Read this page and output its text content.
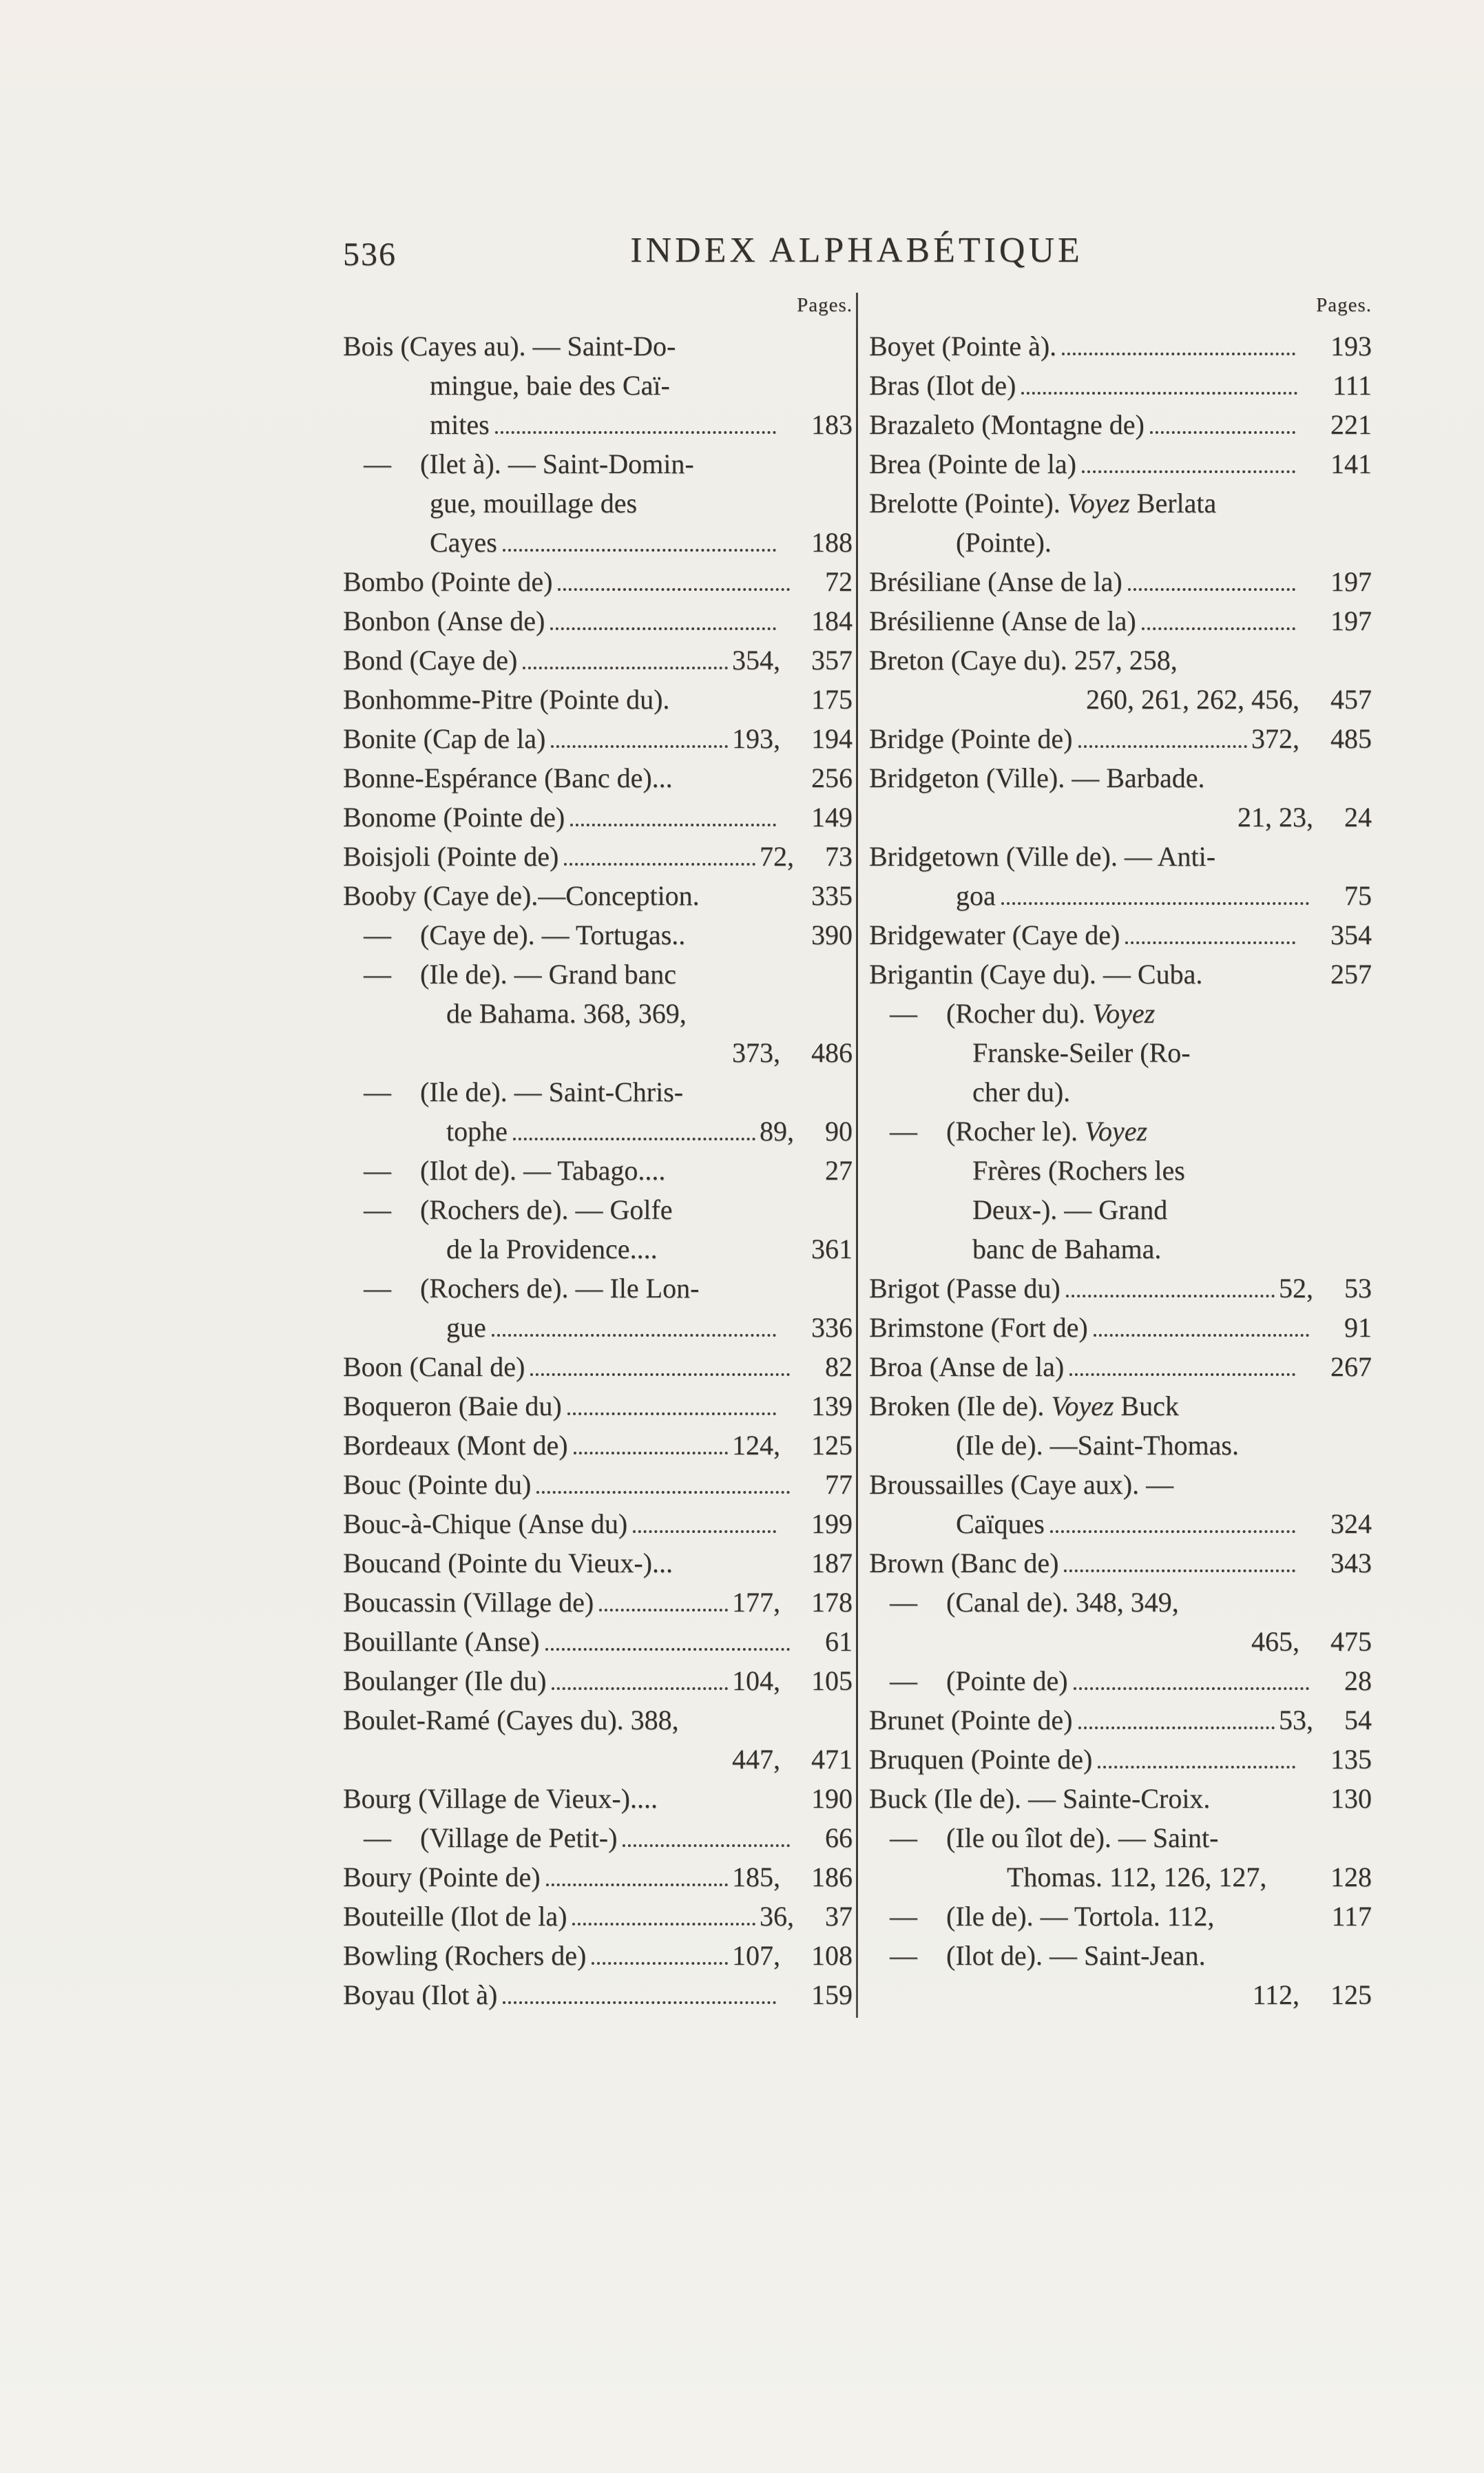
536	INDEX ALPHABÉTIQUE
Pages.
Bois (Cayes au). — Saint-Do-
mingue, baie des Caï-
mites	183
—	(Ilet à). — Saint-Domin-
gue, mouillage des
Cayes	188
Bombo (Pointe de)	72
Bonbon (Anse de)	184
Bond (Caye de)	354,	357
Bonhomme-Pitre (Pointe du).	175
Bonite (Cap de la)	193,	194
Bonne-Espérance (Banc de)...	256
Bonome (Pointe de)	149
Boisjoli (Pointe de)	72,	73
Booby (Caye de).—Conception.	335
—	(Caye de). — Tortugas..	390
—	(Ile de). — Grand banc
de Bahama. 368, 369,
373,	486
—	(Ile de). — Saint-Chris-
tophe	89,	90
—	(Ilot de). — Tabago....	27
—	(Rochers de). — Golfe
de la Providence....	361
—	(Rochers de). — Ile Lon-
gue	336
Boon (Canal de)	82
Boqueron (Baie du)	139
Bordeaux (Mont de)	124,	125
Bouc (Pointe du)	77
Bouc-à-Chique (Anse du)	199
Boucand (Pointe du Vieux-)...	187
Boucassin (Village de)	177,	178
Bouillante (Anse)	61
Boulanger (Ile du)	104,	105
Boulet-Ramé (Cayes du). 388,
447,	471
Bourg (Village de Vieux-)....	190
—	(Village de Petit-)	66
Boury (Pointe de)	185,	186
Bouteille (Ilot de la)	36,	37
Bowling (Rochers de)	107,	108
Boyau (Ilot à)	159
Pages.
Boyet (Pointe à).	193
Bras (Ilot de)	111
Brazaleto (Montagne de)	221
Brea (Pointe de la)	141
Brelotte (Pointe). Voyez Berlata
(Pointe).
Brésiliane (Anse de la)	197
Brésilienne (Anse de la)	197
Breton (Caye du). 257, 258,
260, 261, 262, 456,	457
Bridge (Pointe de)	372,	485
Bridgeton (Ville). — Barbade.
21, 23,	24
Bridgetown (Ville de). — Anti-
goa	75
Bridgewater (Caye de)	354
Brigantin (Caye du). — Cuba.	257
—	(Rocher du). Voyez
Franske-Seiler (Ro-
cher du).
—	(Rocher le). Voyez
Frères (Rochers les
Deux-). — Grand
banc de Bahama.
Brigot (Passe du)	52,	53
Brimstone (Fort de)	91
Broa (Anse de la)	267
Broken (Ile de). Voyez Buck
(Ile de). —Saint-Thomas.
Broussailles (Caye aux). —
Caïques	324
Brown (Banc de)	343
—	(Canal de). 348, 349,
465,	475
—	(Pointe de)	28
Brunet (Pointe de)	53,	54
Bruquen (Pointe de)	135
Buck (Ile de). — Sainte-Croix.	130
—	(Ile ou îlot de). — Saint-
Thomas. 112, 126, 127,	128
—	(Ile de). — Tortola. 112,	117
—	(Ilot de). — Saint-Jean.
112,	125
